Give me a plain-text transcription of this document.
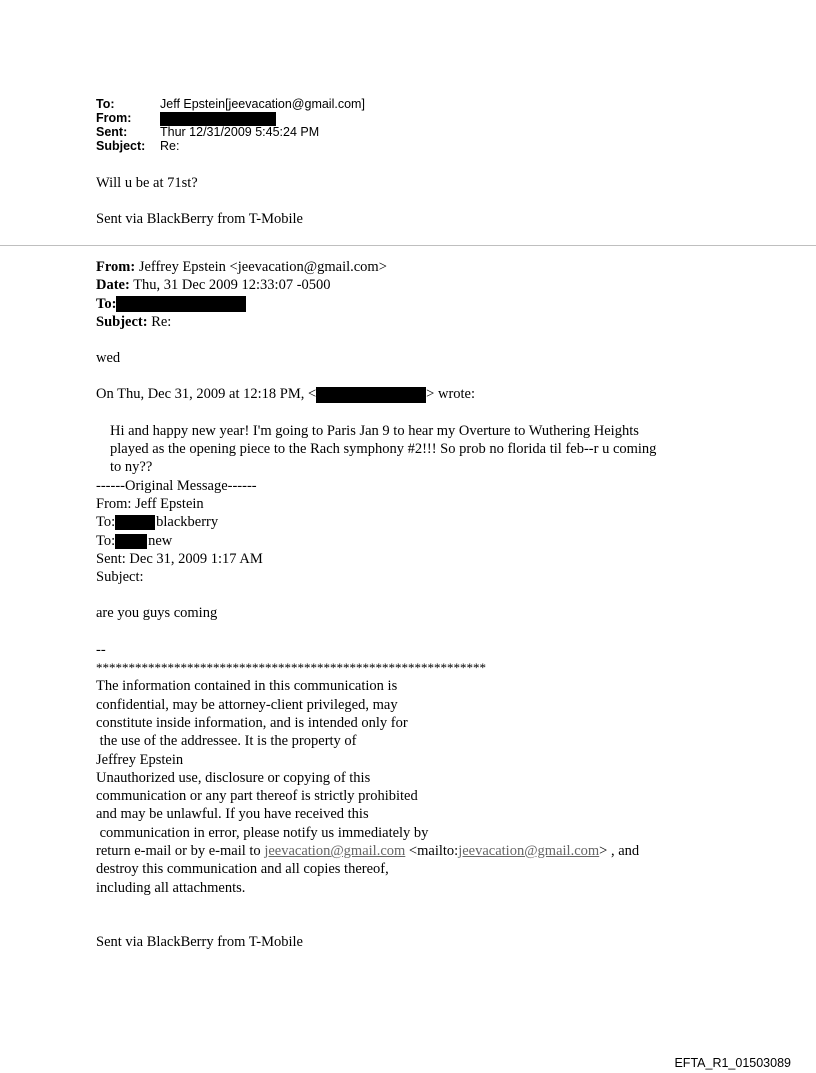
To:	Jeff Epstein[jeevacation@gmail.com]
From:
Sent:	Thur 12/31/2009 5:45:24 PM
Subject: Re:

Will u be at 71st?

Sent via BlackBerry from T-Mobile

From: Jeffrey Epstein <jeevacation@gmail.com>

Date: Thu, 31 Dec 2009 12:33:07 -0500

To:

Subject: Re:

wed

On Thu, Dec 31, 2009 at 12:18 PM, <	> wrote:

Hi and happy new year! I'm going to Paris Jan 9 to hear my Overture to Wuthering Heights

played as the opening piece to the Rach symphony #2!!! So prob no florida til feb--r u coming

to ny??

------Original Message------

From: Jeff Epstein

To:	blackberry

To: new

Sent: Dec 31, 2009 1:17 AM

Subject:

are you guys coming

--

************************************************************

The information contained in this communication is

confidential, may be attorney-client privileged, may

constitute inside information, and is intended only for

the use of the addressee. It is the property of

Jeffrey Epstein

Unauthorized use, disclosure or copying of this

communication or any part thereof is strictly prohibited

and may be unlawful. If you have received this

communication in error, please notify us immediately by

return e-mail or by e-mail to jeevacation@gmail.com <mailto:jeevacation@gmail.com> , and

destroy this communication and all copies thereof,

including all attachments.

Sent via BlackBerry from T-Mobile

EFTA_R1_01503089
